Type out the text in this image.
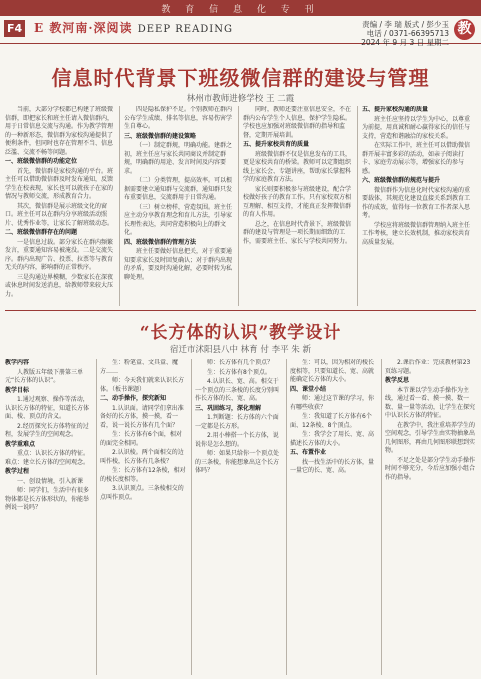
教 育 信 息 化 专 刊
F4 E 教河南·深阅读 DEEP READING	责编 / 李 瑞 版式 / 彭少玉
电话 / 0371-66395713
2024 年 9 月 3 日 星期二
教
信息时代背景下班级微信群的建设与管理
林州市教师进修学校 王 二霞

当前，大部分学校都已构建了班级微信群，即把家长和班主任请入微信群内，用于日常信息交流与沟通。作为教学管理的一种新形态，微信群为家校沟通提供了便利条件，但同时也存在管理不当、信息泛滥、交流不畅等问题。

一、班级微信群的功能定位

首先，微信群是家校沟通的平台。班主任可以借助微信群及时发布通知，反馈学生在校表现，家长也可以就孩子在家的情况与教师交流，形成教育合力。

其次，微信群是展示班级文化的窗口。班主任可以在群内分享班级活动照片、优秀作业等，让家长了解班级动态。

二、班级微信群存在的问题

一是信息过载。部分家长在群内频繁发言，重要通知容易被淹没。二是交流失序。群内出现广告、投票、拉票等与教育无关的内容，影响群的正常秩序。

三是沟通边界模糊，少数家长在深夜或休息时间发送消息，给教师带来较大压力。

四是隐私保护不足。个别教师在群内公布学生成绩、排名等信息，容易伤害学生自尊心。

三、班级微信群的建设策略

（一）制定群规，明确功能。建群之初，班主任应与家长共同商议并制定群规，明确群的用途、发言时间及内容要求。

（二）分类管理，提高效率。可以根据需要建立通知群与交流群，通知群只发布重要信息，交流群用于日常沟通。

（三）树立榜样，营造氛围。班主任应主动分享教育理念和育儿方法，引导家长理性表达，共同营造积极向上的群文化。

四、班级微信群的管理方法

班主任要做好信息把关，对于重要通知要求家长及时回复确认；对于群内出现的矛盾，要及时沟通化解，必要时转为私聊处理。

同时，教师还要注重信息安全，不在群内公布学生个人信息，保护学生隐私。学校也应加强对班级微信群的指导和监督，定期开展培训。

五、提升家校共育的质量

班级微信群不仅是信息发布的工具，更是家校共育的桥梁。教师可以定期组织线上家长会、专题讲座，帮助家长掌握科学的家庭教育方法。

家长则要积极参与班级建设，配合学校做好孩子的教育工作。只有家校双方相互理解、相互支持，才能真正发挥微信群的育人作用。

总之，在信息时代背景下，班级微信群的建设与管理是一项长期而细致的工作，需要班主任、家长与学校共同努力。

五、提升家校沟通的质量

班主任应坚持以学生为中心，以尊重为前提，用真诚和耐心赢得家长的信任与支持，营造和谐融洽的家校关系。

在实际工作中，班主任可以借助微信群开展丰富多彩的活动，如亲子阅读打卡、家庭劳动展示等，增强家长的参与感。

六、班级微信群的规范与提升

微信群作为信息化时代家校沟通的重要载体，其规范化建设直接关系到教育工作的成效，值得每一位教育工作者深入思考。

学校应将班级微信群管理纳入班主任工作考核，建立长效机制，推动家校共育高质量发展。

“长方体的认识”教学设计
宿迁市沭阳县八中 林育 付 李平 朱 新

教学内容

人教版五年级下册第三单元“长方体的认识”。

教学目标

1.通过观察、操作等活动，认识长方体的特征，知道长方体面、棱、顶点的含义。

2.经历探究长方体特征的过程，发展学生的空间观念。

教学重难点

重点：认识长方体的特征。难点：建立长方体的空间观念。

教学过程

一、创设情境，引入新课

师：同学们，生活中有很多物体都是长方体形状的，你能举例说一说吗？

生：粉笔盒、文具盒、魔方……

师：今天我们就来认识长方体。（板书课题）

二、动手操作，探究新知

1.认识面。请同学们拿出准备好的长方体，摸一摸，看一看，说一说长方体有几个面？

生：长方体有6个面，相对的面完全相同。

2.认识棱。两个面相交的边叫作棱，长方体有几条棱？

生：长方体有12条棱，相对的棱长度相等。

3.认识顶点。三条棱相交的点叫作顶点。

师：长方体有几个顶点？

生：长方体有8个顶点。

4.认识长、宽、高。相交于一个顶点的三条棱的长度分别叫作长方体的长、宽、高。

三、巩固练习，深化理解

1.判断题：长方体的六个面一定都是长方形。

2.用小棒搭一个长方体，说说你是怎么想的。

师：如果只给你一个顶点处的三条棱，你能想象出这个长方体吗？

生：可以，因为相对的棱长度相等，只要知道长、宽、高就能确定长方体的大小。

四、课堂小结

师：通过这节课的学习，你有哪些收获？

生：我知道了长方体有6个面、12条棱、8个顶点。

生：我学会了用长、宽、高描述长方体的大小。

五、布置作业

找一找生活中的长方体，量一量它的长、宽、高。

2.课后作业：完成教材第23页练习题。

教学反思

本节课以学生动手操作为主线，通过看一看、摸一摸、数一数、量一量等活动，让学生在探究中认识长方体的特征。

在教学中，我注重培养学生的空间观念，引导学生由实物抽象出几何图形，再由几何图形联想到实物。

不足之处是部分学生动手操作时间不够充分，今后应加强小组合作的指导。
